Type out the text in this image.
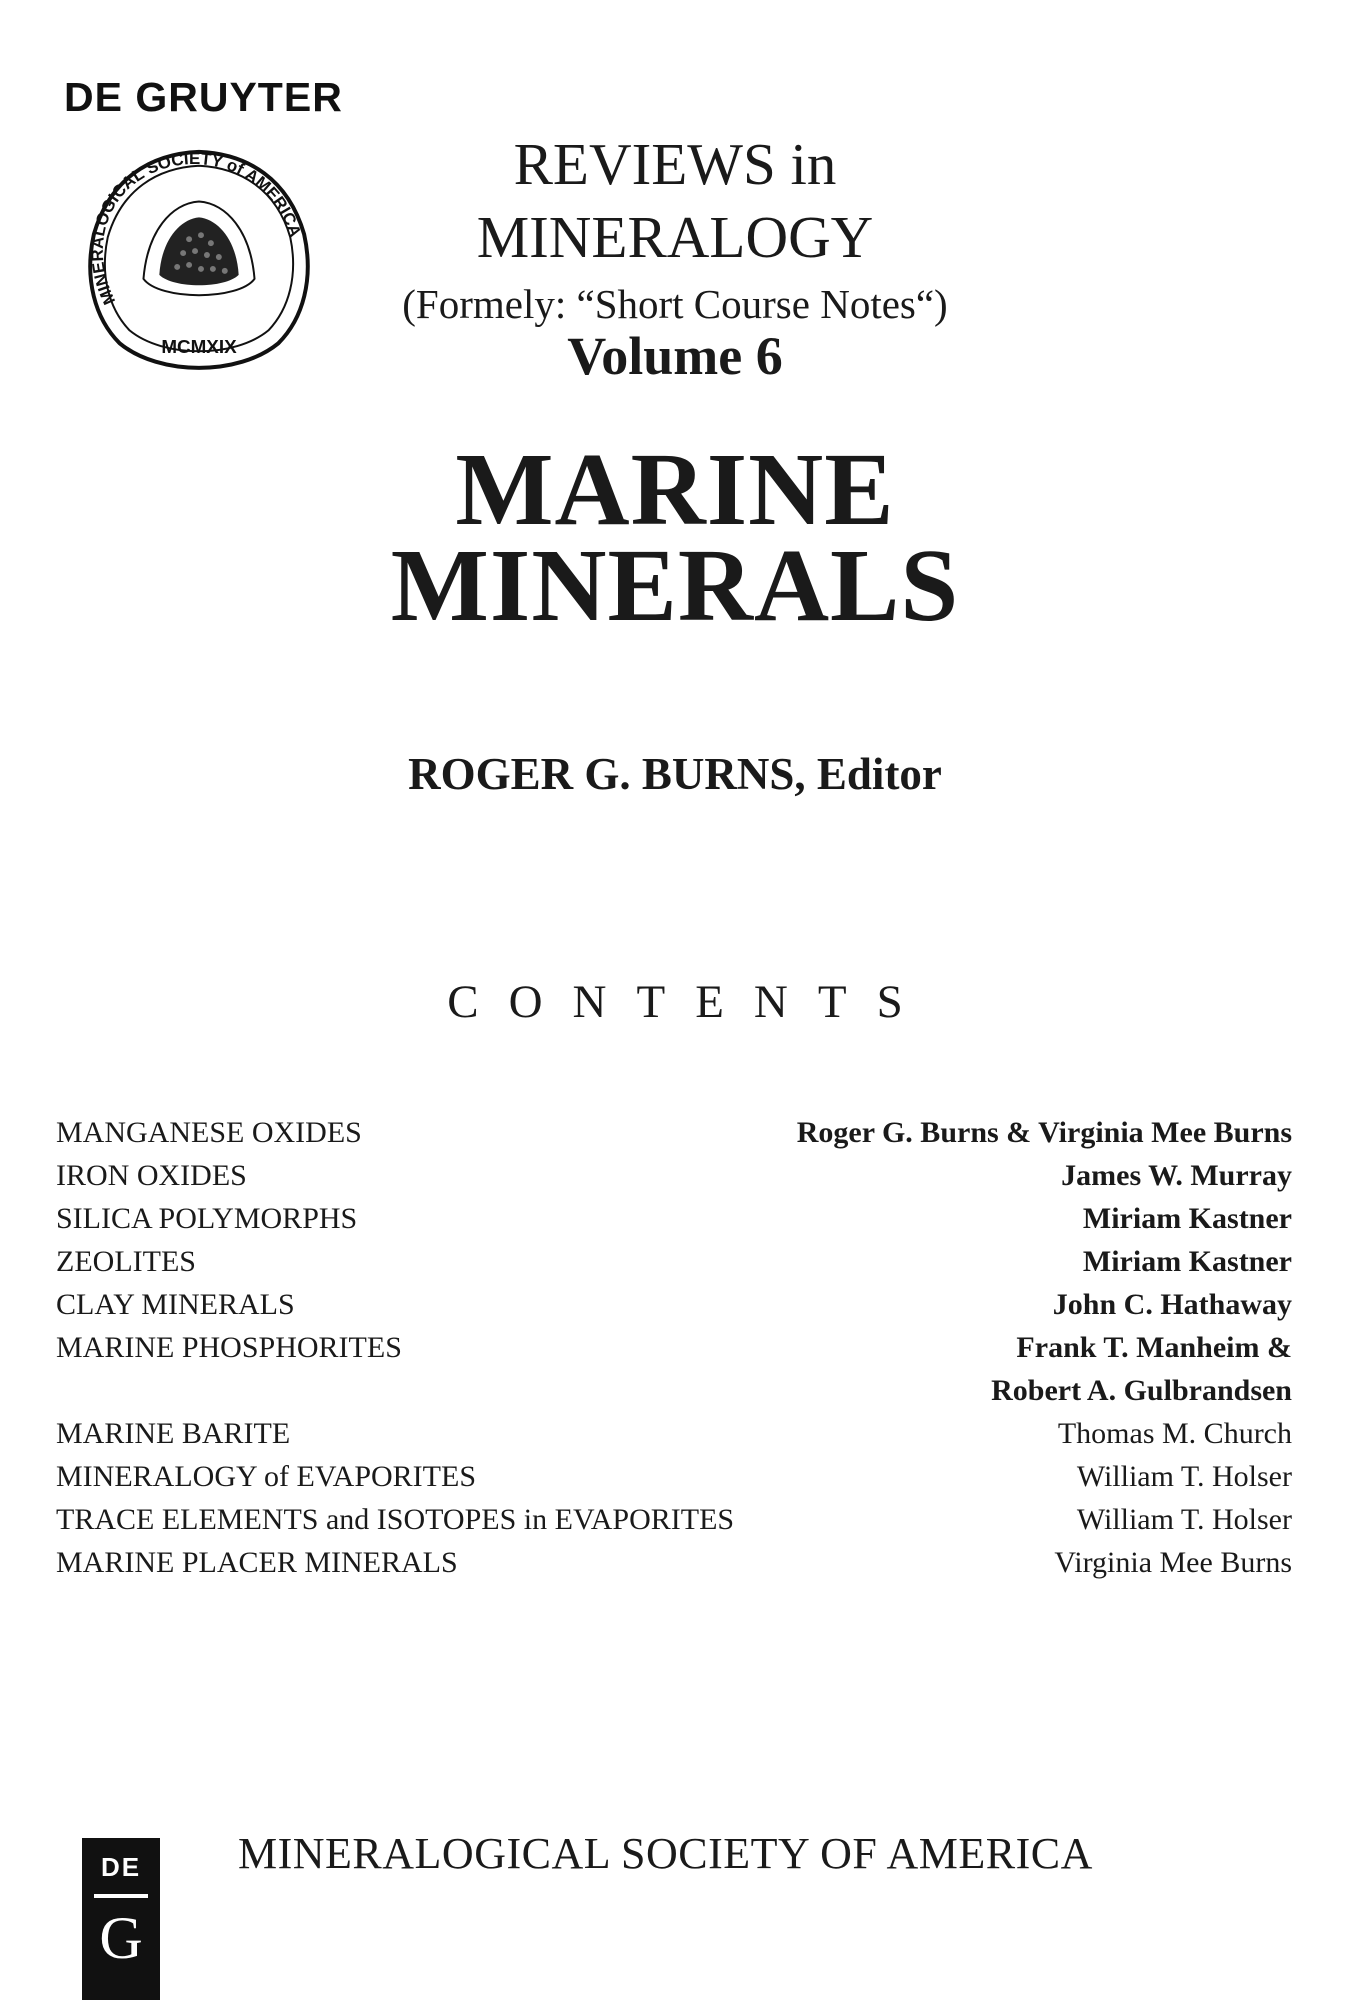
DE GRUYTER
MINERALOGICAL SOCIETY of AMERICA
MCMXIX
REVIEWS in
MINERALOGY
(Formely: “Short Course Notes“)
Volume 6
MARINE
MINERALS
ROGER G. BURNS, Editor
CONTENTS
MANGANESE OXIDES	Roger G. Burns & Virginia Mee Burns
IRON OXIDES	James W. Murray
SILICA POLYMORPHS	Miriam Kastner
ZEOLITES	Miriam Kastner
CLAY MINERALS	John C. Hathaway
MARINE PHOSPHORITES	Frank T. Manheim &
Robert A. Gulbrandsen
MARINE BARITE	Thomas M. Church
MINERALOGY of EVAPORITES	William T. Holser
TRACE ELEMENTS and ISOTOPES in EVAPORITES	William T. Holser
MARINE PLACER MINERALS	Virginia Mee Burns
DE
G
MINERALOGICAL SOCIETY OF AMERICA
